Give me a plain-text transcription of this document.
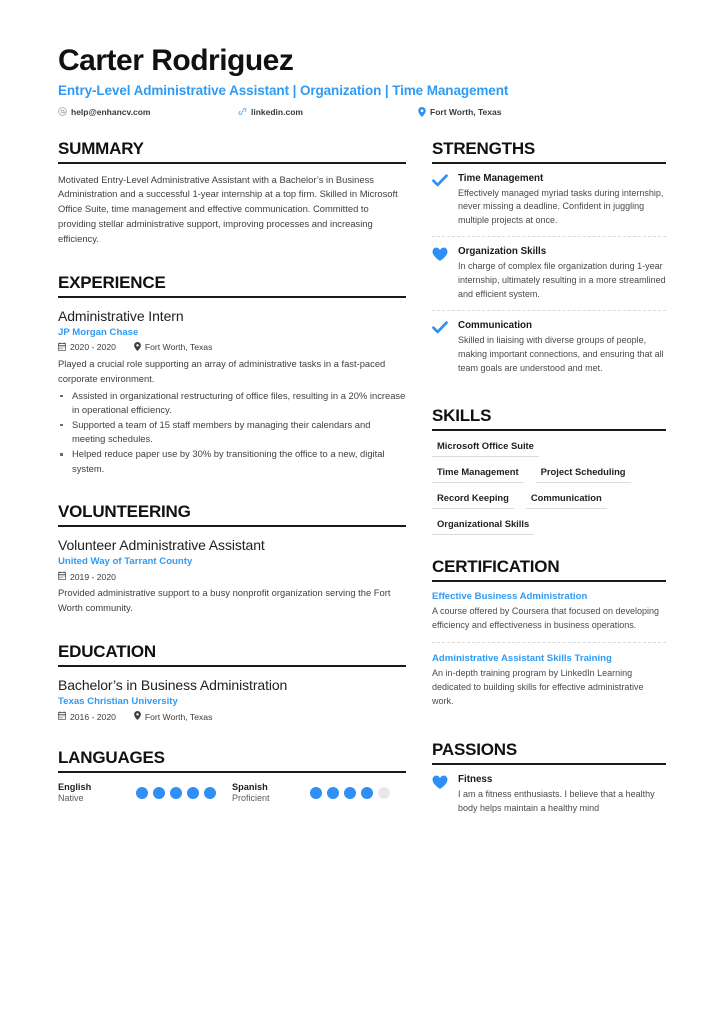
Carter Rodriguez
Entry-Level Administrative Assistant | Organization | Time Management
help@enhancv.com	linkedin.com	Fort Worth, Texas
SUMMARY
Motivated Entry-Level Administrative Assistant with a Bachelor’s in Business Administration and a successful 1-year internship at a top firm. Skilled in Microsoft Office Suite, time management and effective communication. Committed to providing stellar administrative support, improving processes and increasing efficiency.
EXPERIENCE
Administrative Intern
JP Morgan Chase
2020 - 2020	Fort Worth, Texas
Played a crucial role supporting an array of administrative tasks in a fast-paced corporate environment.
Assisted in organizational restructuring of office files, resulting in a 20% increase in operational efficiency.
Supported a team of 15 staff members by managing their calendars and meeting schedules.
Helped reduce paper use by 30% by transitioning the office to a new, digital system.
VOLUNTEERING
Volunteer Administrative Assistant
United Way of Tarrant County
2019 - 2020
Provided administrative support to a busy nonprofit organization serving the Fort Worth community.
EDUCATION
Bachelor’s in Business Administration
Texas Christian University
2016 - 2020	Fort Worth, Texas
LANGUAGES
English
Native
Spanish
Proficient
STRENGTHS
Time Management
Effectively managed myriad tasks during internship, never missing a deadline. Confident in juggling multiple projects at once.
Organization Skills
In charge of complex file organization during 1-year internship, ultimately resulting in a more streamlined and efficient system.
Communication
Skilled in liaising with diverse groups of people, making important connections, and ensuring that all team goals are understood and met.
SKILLS
Microsoft Office Suite
Time Management	Project Scheduling
Record Keeping	Communication
Organizational Skills
CERTIFICATION
Effective Business Administration
A course offered by Coursera that focused on developing efficiency and effectiveness in business operations.
Administrative Assistant Skills Training
An in-depth training program by LinkedIn Learning dedicated to building skills for effective administrative work.
PASSIONS
Fitness
I am a fitness enthusiasts. I believe that a healthy body helps maintain a healthy mind
